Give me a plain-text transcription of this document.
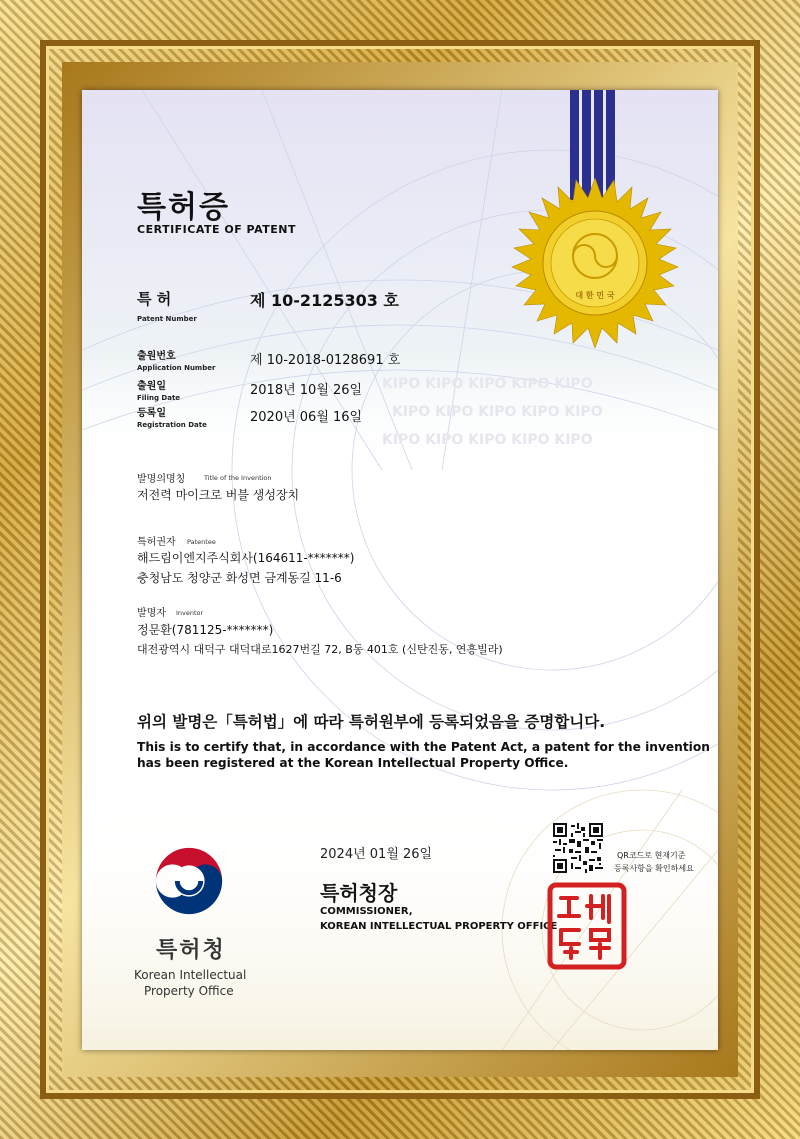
KIPO KIPO KIPO KIPO KIPO
KIPO KIPO KIPO KIPO KIPO
KIPO KIPO KIPO KIPO KIPO
대 한 민 국
특허증
CERTIFICATE OF PATENT
특 허
Patent Number
제 10-2125303 호
출원번호
Application Number	제 10-2018-0128691 호
출원일
Filing Date	2018년 10월 26일
등록일
Registration Date	2020년 06월 16일
발명의명칭	Title of the Invention
저전력 마이크로 버블 생성장치
특허권자 Patentee
해드림이엔지주식회사(164611-*******)
충청남도 청양군 화성면 금계동길 11-6
발명자 Inventor
정문환(781125-*******)
대전광역시 대덕구 대덕대로1627번길 72, B동 401호 (신탄진동, 연흥빌라)
위의 발명은「특허법」에 따라 특허원부에 등록되었음을 증명합니다.
This is to certify that, in accordance with the Patent Act, a patent for the invention has been registered at the Korean Intellectual Property Office.
특허청
Korean Intellectual
Property Office
2024년 01월 26일
특허청장
COMMISSIONER,
KOREAN INTELLECTUAL PROPERTY OFFICE
QR코드로 현재기준
등록사항을 확인하세요
특허청장인
